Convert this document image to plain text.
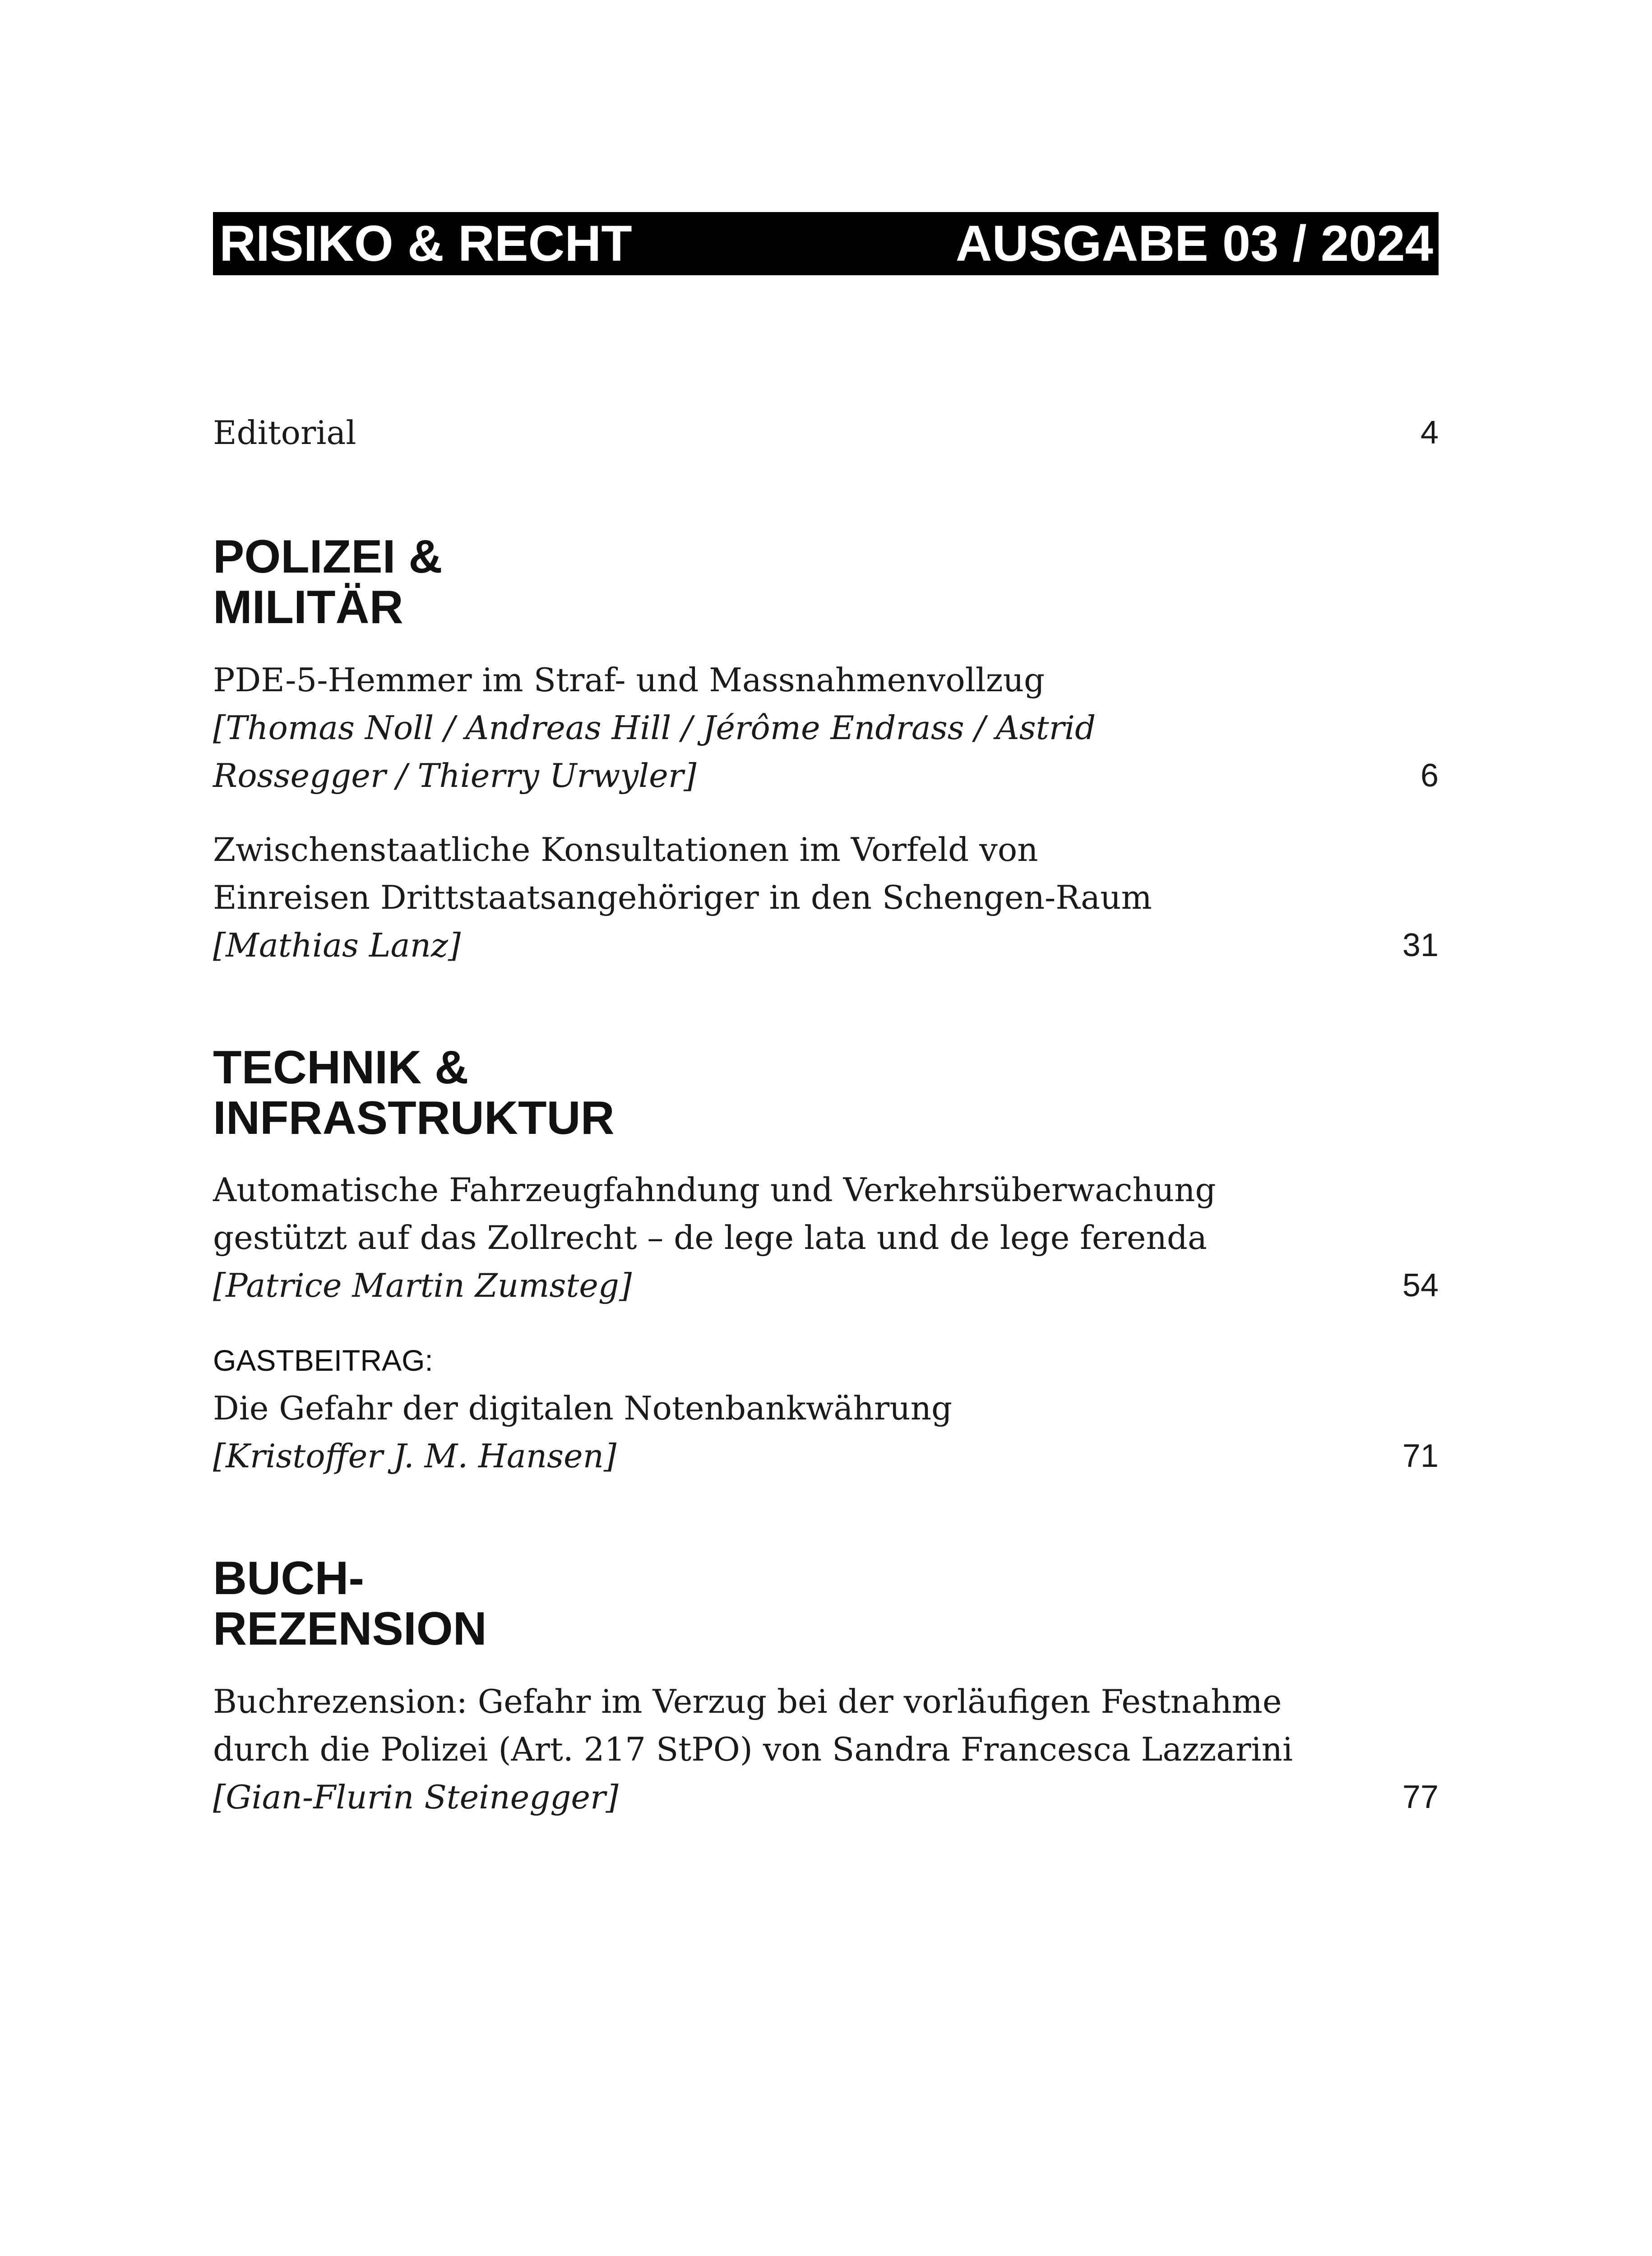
RISIKO & RECHT	AUSGABE 03 / 2024
Editorial	4
POLIZEI &
MILITÄR
PDE-5-Hemmer im Straf- und Massnahmenvollzug
[Thomas Noll / Andreas Hill / Jérôme Endrass / Astrid
Rossegger / Thierry Urwyler]	6
Zwischenstaatliche Konsultationen im Vorfeld von
Einreisen Drittstaatsangehöriger in den Schengen-Raum
[Mathias Lanz]	31
TECHNIK &
INFRASTRUKTUR
Automatische Fahrzeugfahndung und Verkehrsüberwachung
gestützt auf das Zollrecht – de lege lata und de lege ferenda
[Patrice Martin Zumsteg]	54
GASTBEITRAG:
Die Gefahr der digitalen Notenbankwährung
[Kristoffer J. M. Hansen]	71
BUCH-
REZENSION
Buchrezension: Gefahr im Verzug bei der vorläufigen Festnahme
durch die Polizei (Art. 217 StPO) von Sandra Francesca Lazzarini
[Gian-Flurin Steinegger]	77
